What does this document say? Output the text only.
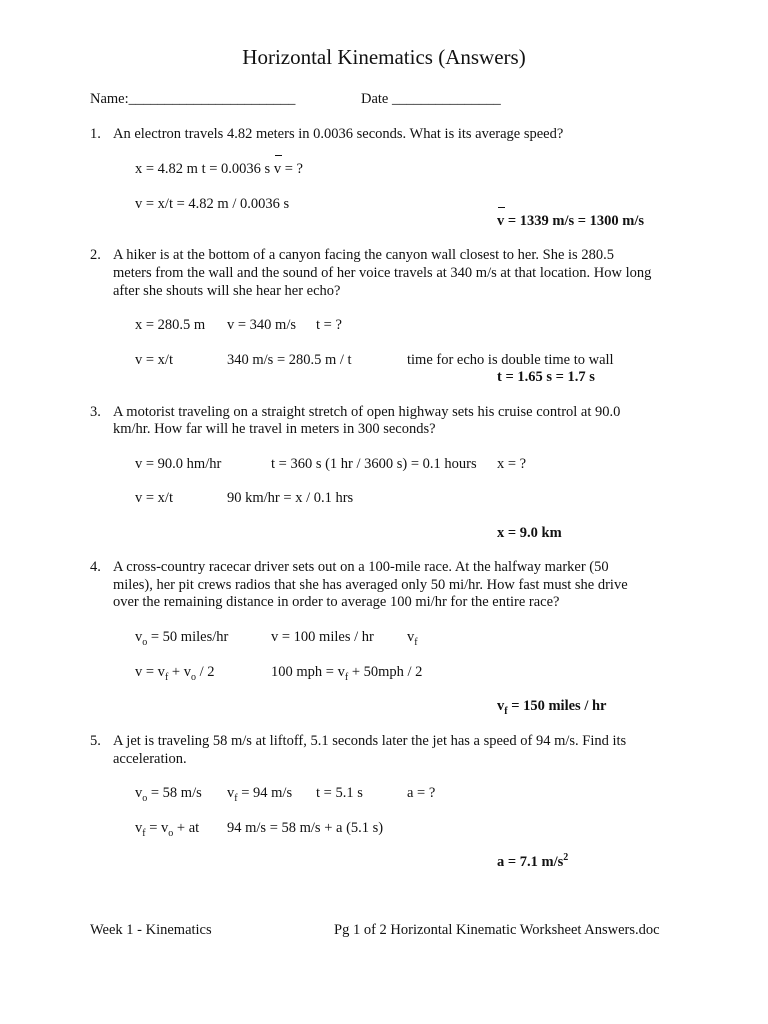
Horizontal Kinematics (Answers)
Name:_______________________	Date _______________
1. An electron travels 4.82 meters in 0.0036 seconds. What is its average speed?
x = 4.82 m t = 0.0036 s v = ?
v = x/t = 4.82 m / 0.0036 s
v = 1339 m/s = 1300 m/s
2. A hiker is at the bottom of a canyon facing the canyon wall closest to her. She is 280.5
meters from the wall and the sound of her voice travels at 340 m/s at that location. How long
after she shouts will she hear her echo?
x = 280.5 m v = 340 m/s t = ?
v = x/t	340 m/s = 280.5 m / t	time for echo is double time to wall
t = 1.65 s = 1.7 s
3. A motorist traveling on a straight stretch of open highway sets his cruise control at 90.0
km/hr. How far will he travel in meters in 300 seconds?
v = 90.0 hm/hr	t = 360 s (1 hr / 3600 s) = 0.1 hours x = ?
v = x/t	90 km/hr = x / 0.1 hrs
x = 9.0 km
4. A cross-country racecar driver sets out on a 100-mile race. At the halfway marker (50
miles), her pit crews radios that she has averaged only 50 mi/hr. How fast must she drive
over the remaining distance in order to average 100 mi/hr for the entire race?
$v_o = 50$ miles/hr	v = 100 miles / hr $v_f$
$v = v_f + v_o / 2$	100 mph = $v_f + 50mph / 2$
$v_f = 150$ miles / hr
5. A jet is traveling 58 m/s at liftoff, 5.1 seconds later the jet has a speed of 94 m/s. Find its
acceleration.
$v_o = 58$ m/s $v_f = 94$ m/s t = 5.1 s	a = ?
$v_f = v_o$ + at 94 m/s = 58 m/s + a (5.1 s)
a = 7.1 $m/s^2$
Week 1 - Kinematics	Pg 1 of 2 Horizontal Kinematic Worksheet Answers.doc
